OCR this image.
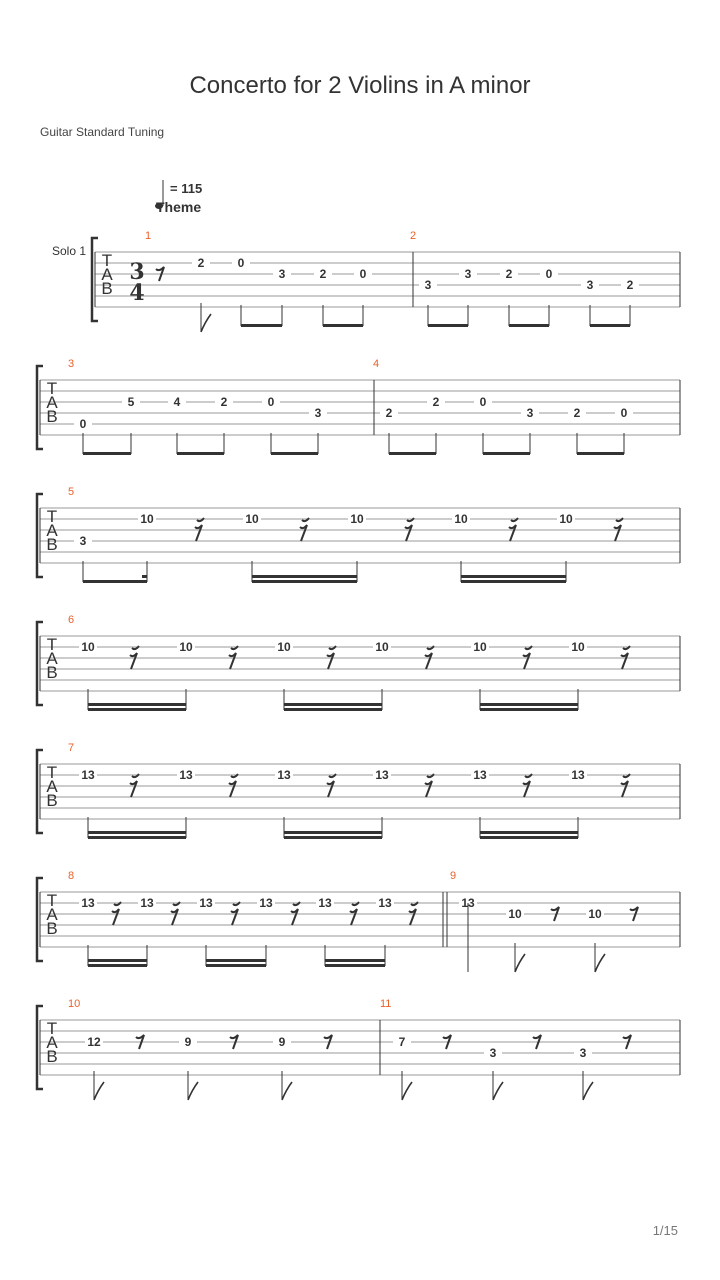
Concerto for 2 Violins in A minor
Guitar Standard Tuning
T
A
B
1
2	0
3	2	0
2
3
3	2	0
3	2
T
A
B
3
0
5	4	2	0
3
4
2
2	0
3	2	0
T
A
B
5
3
10	10	10	10	10
T
A
B
6
10	10	10	10	10	10
T
A
B
7
13	13	13	13	13	13
T
A
B
8
13	13	13	13	13	13
9
13
10	10
T
A
B
10
12	9	9
11
7
3	3
Solo 1
3
4
= 115
Theme
1/15
